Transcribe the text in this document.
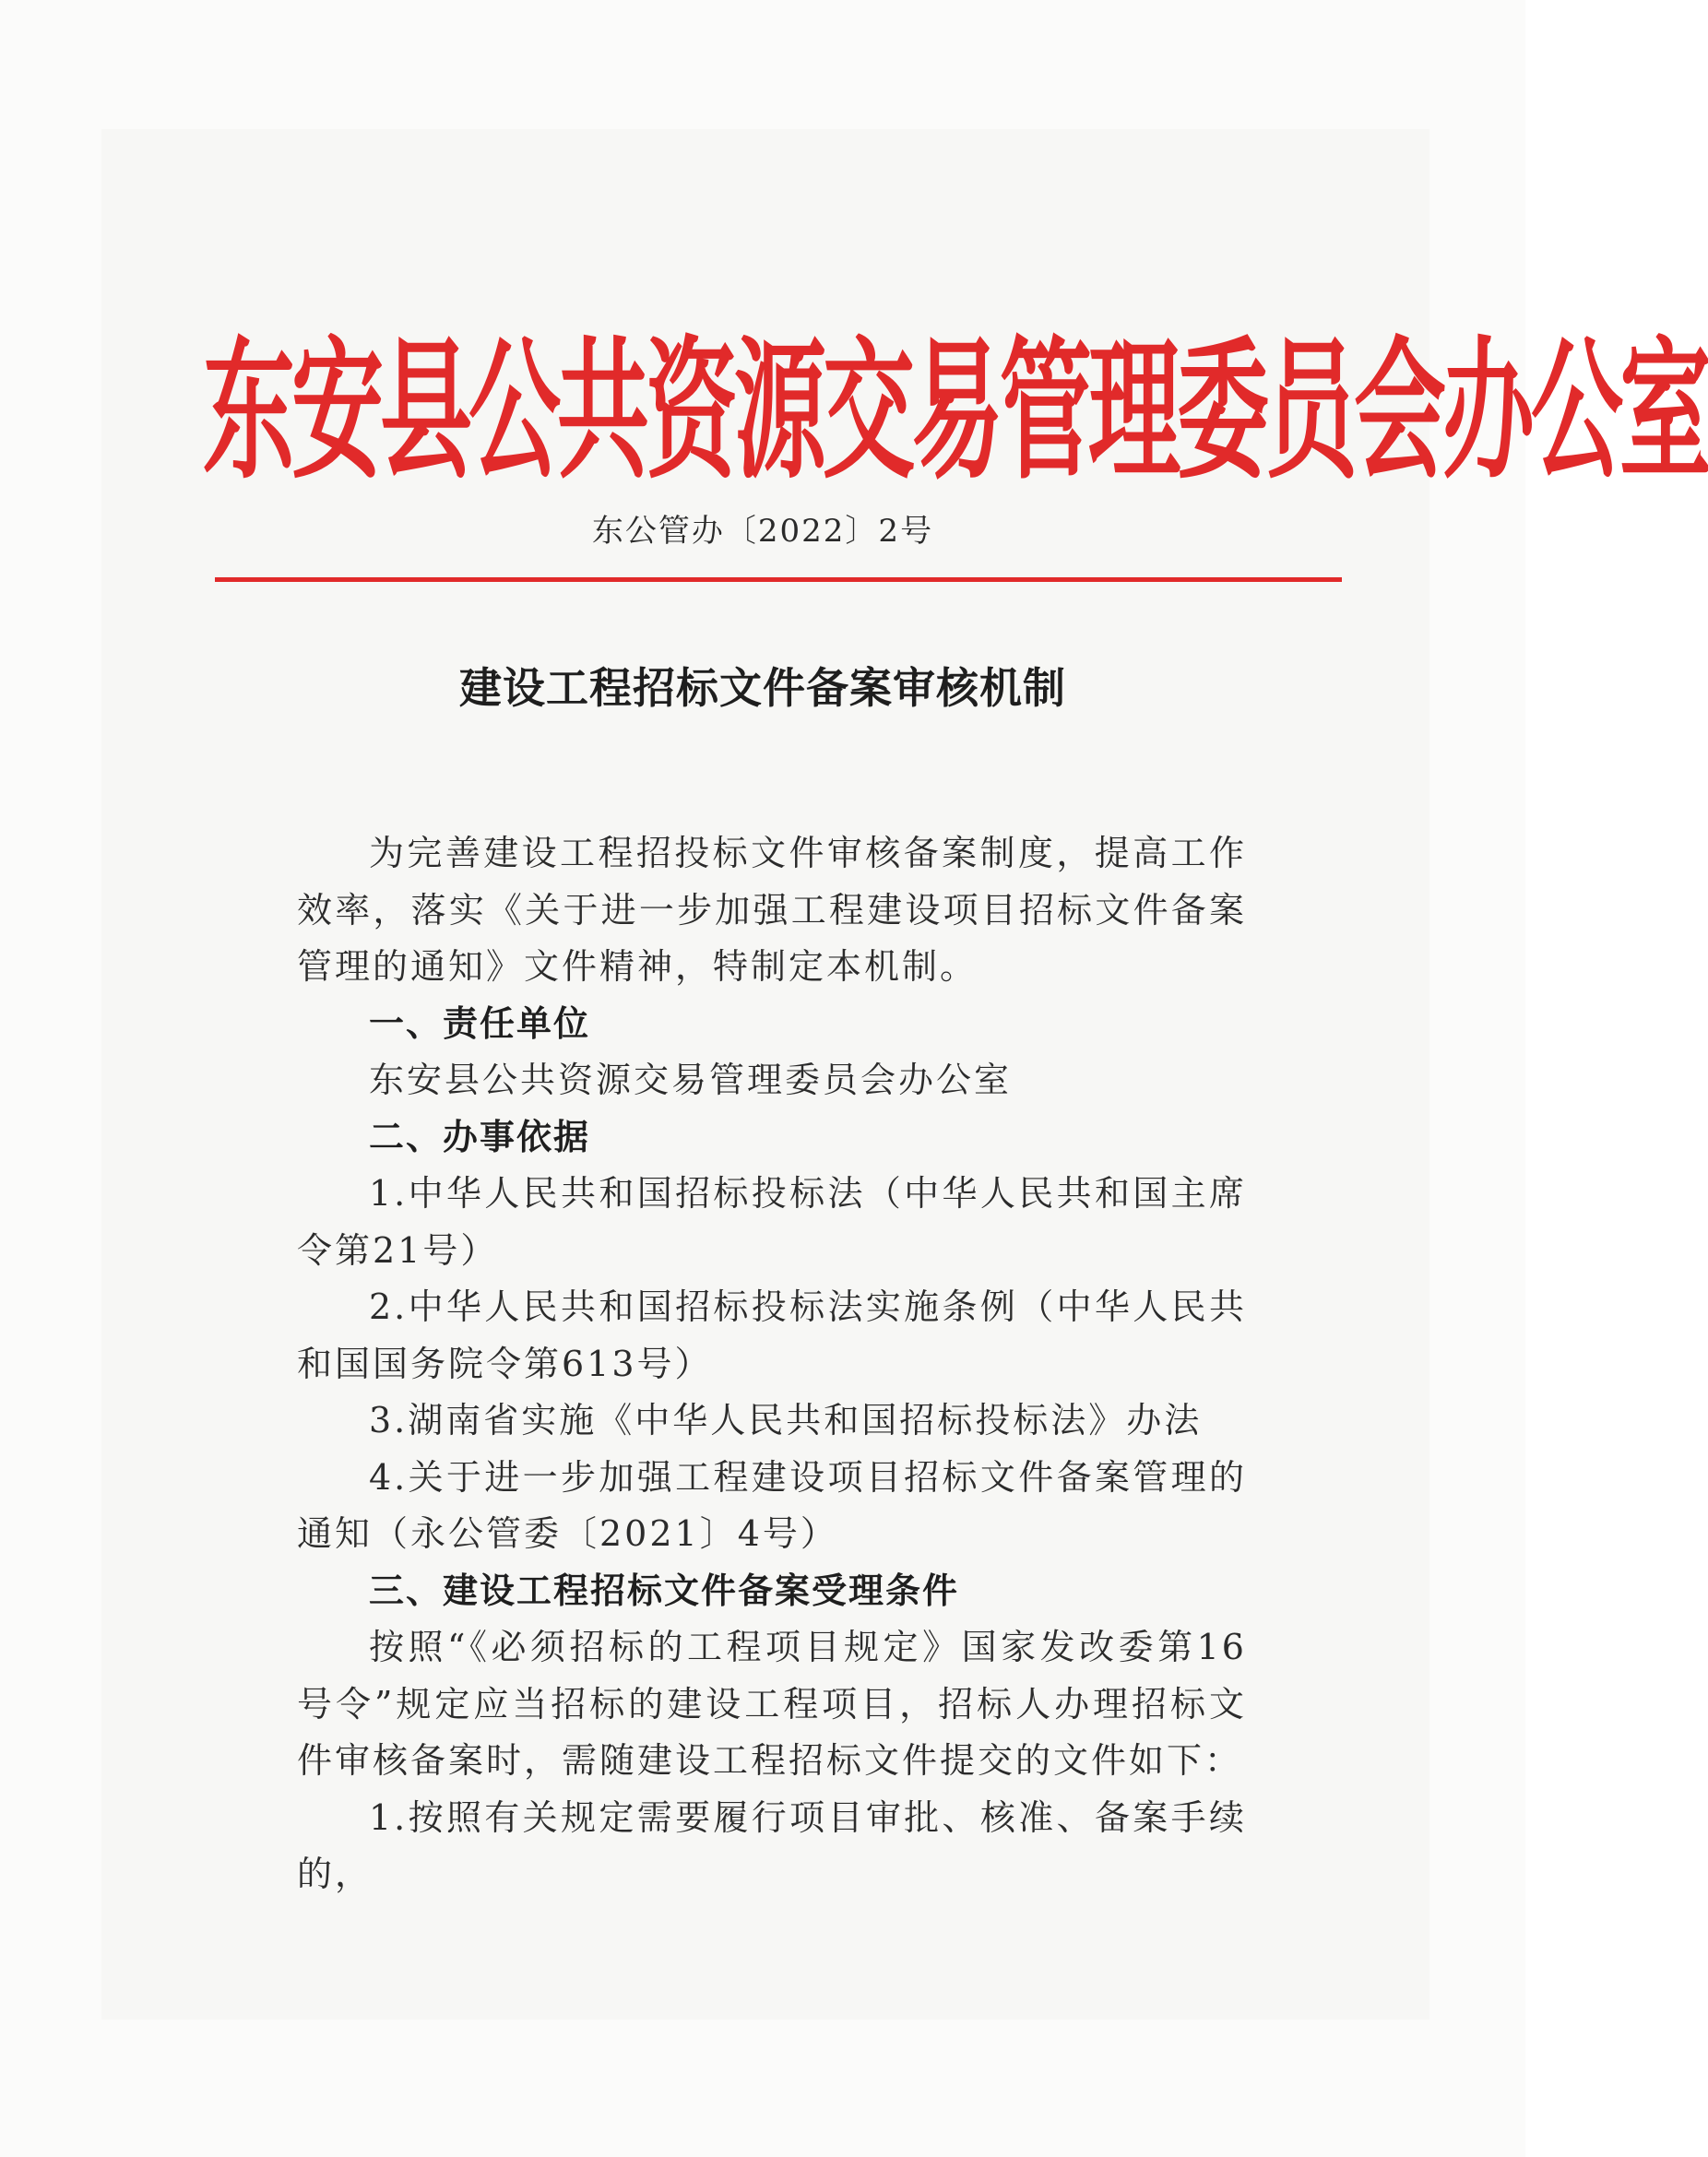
东安县公共资源交易管理委员会办公室
东公管办〔2022〕2号
建设工程招标文件备案审核机制

为完善建设工程招投标文件审核备案制度，提高工作效率，落实《关于进一步加强工程建设项目招标文件备案管理的通知》文件精神，特制定本机制。

一、责任单位

东安县公共资源交易管理委员会办公室

二、办事依据

1.中华人民共和国招标投标法（中华人民共和国主席令第21号）

2.中华人民共和国招标投标法实施条例（中华人民共和国国务院令第613号）

3.湖南省实施《中华人民共和国招标投标法》办法

4.关于进一步加强工程建设项目招标文件备案管理的通知（永公管委〔2021〕4号）

三、建设工程招标文件备案受理条件

按照“《必须招标的工程项目规定》国家发改委第16号令”规定应当招标的建设工程项目，招标人办理招标文件审核备案时，需随建设工程招标文件提交的文件如下：

1.按照有关规定需要履行项目审批、核准、备案手续的，
